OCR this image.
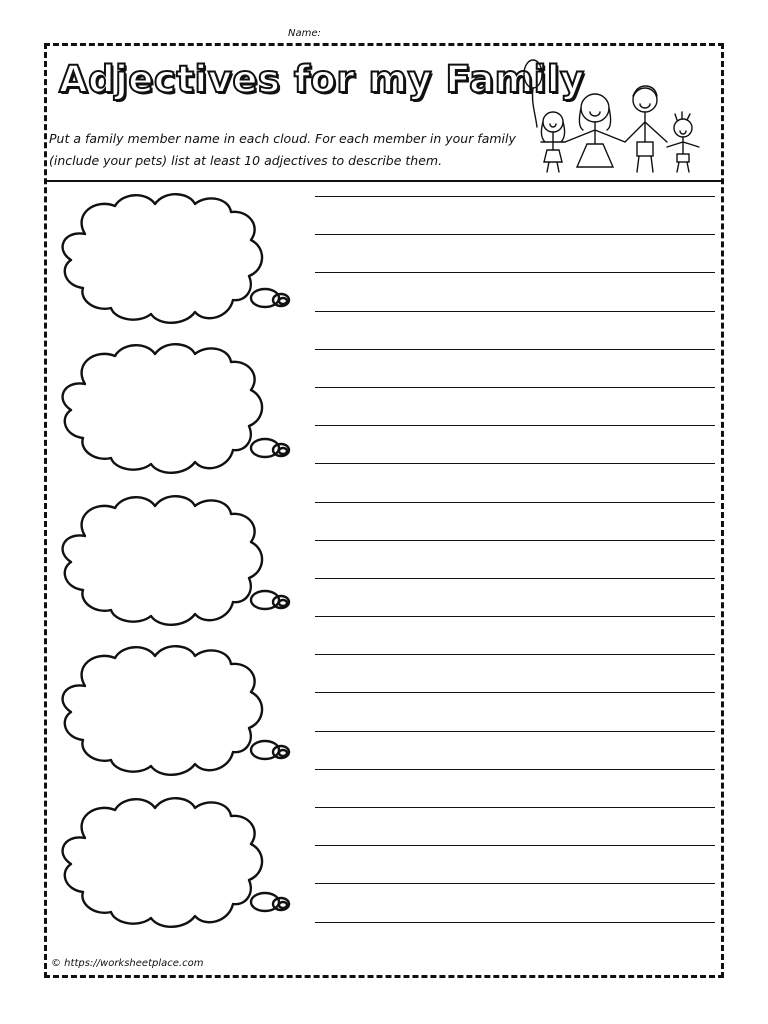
Name:
Adjectives for my Family

Put a family member name in each cloud. For each member in your family
(include your pets) list at least 10 adjectives to describe them.

© https://worksheetplace.com
